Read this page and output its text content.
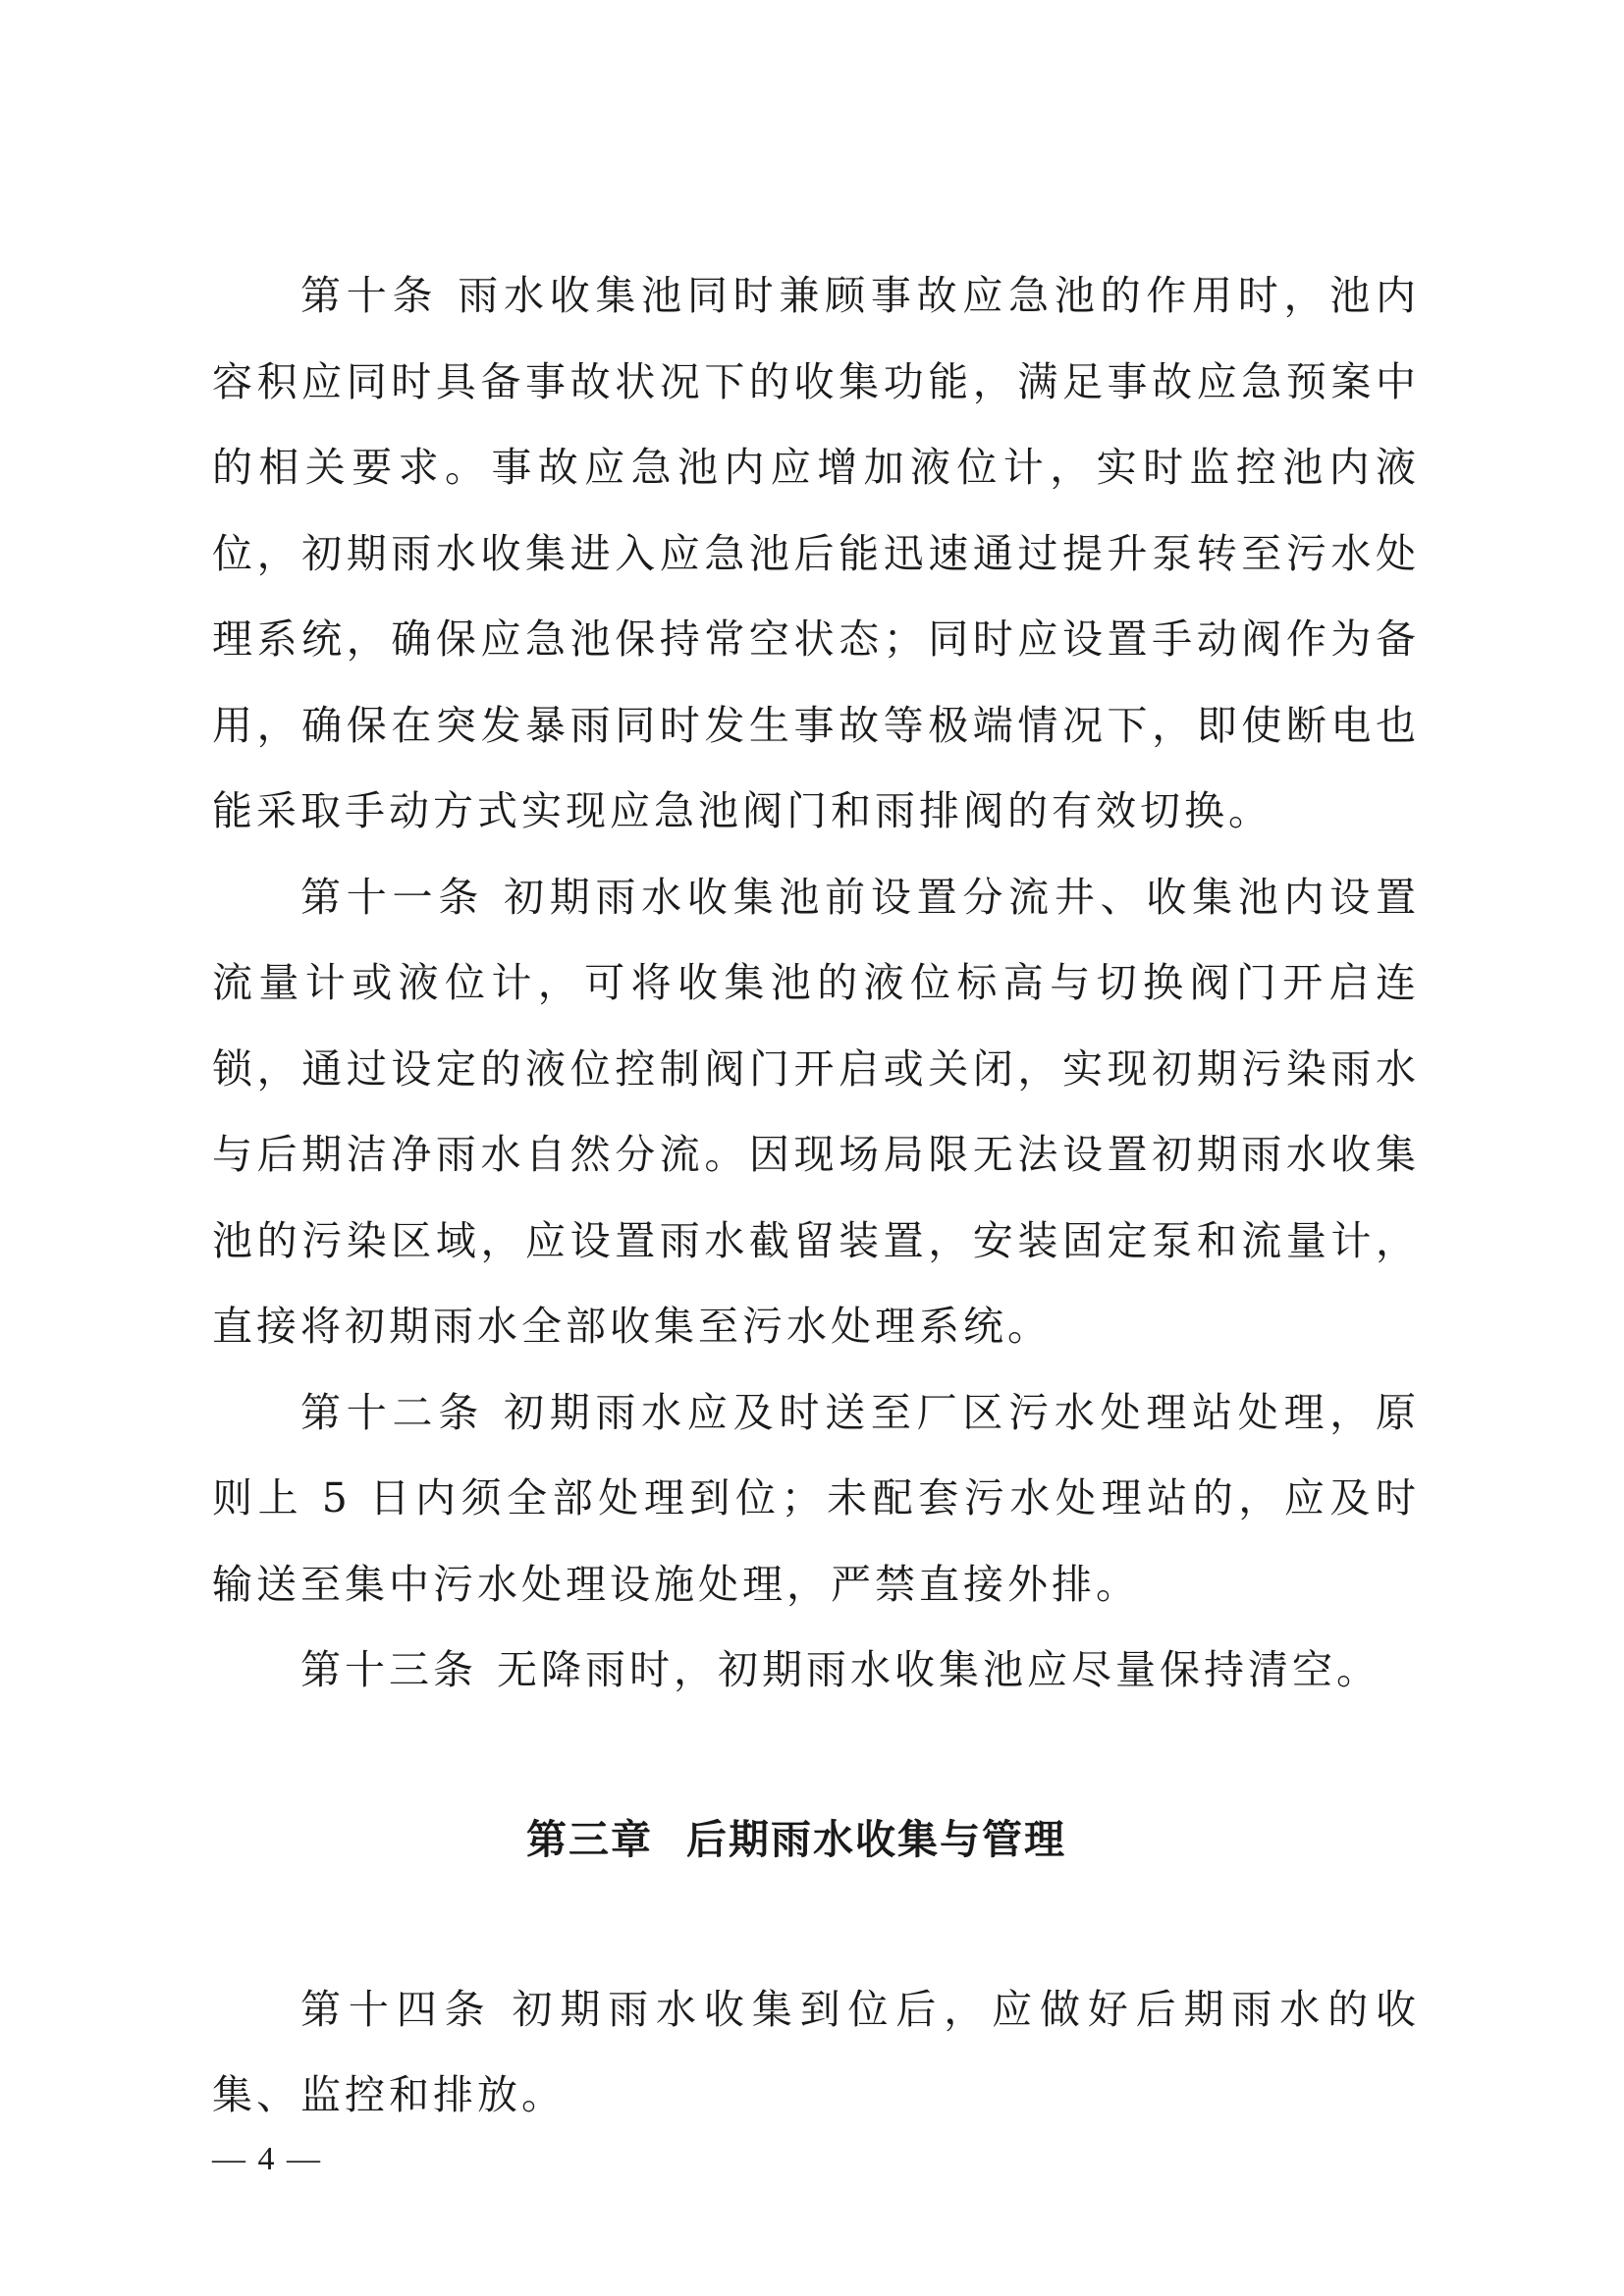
第十条 雨水收集池同时兼顾事故应急池的作用时，池内容积应同时具备事故状况下的收集功能，满足事故应急预案中的相关要求。事故应急池内应增加液位计，实时监控池内液位，初期雨水收集进入应急池后能迅速通过提升泵转至污水处理系统，确保应急池保持常空状态；同时应设置手动阀作为备用，确保在突发暴雨同时发生事故等极端情况下，即使断电也能采取手动方式实现应急池阀门和雨排阀的有效切换。

第十一条 初期雨水收集池前设置分流井、收集池内设置流量计或液位计，可将收集池的液位标高与切换阀门开启连锁，通过设定的液位控制阀门开启或关闭，实现初期污染雨水与后期洁净雨水自然分流。因现场局限无法设置初期雨水收集池的污染区域，应设置雨水截留装置，安装固定泵和流量计，直接将初期雨水全部收集至污水处理系统。

第十二条 初期雨水应及时送至厂区污水处理站处理，原则上 5 日内须全部处理到位；未配套污水处理站的，应及时输送至集中污水处理设施处理，严禁直接外排。

第十三条 无降雨时，初期雨水收集池应尽量保持清空。

第三章 后期雨水收集与管理

第十四条 初期雨水收集到位后，应做好后期雨水的收集、监控和排放。

— 4 —
